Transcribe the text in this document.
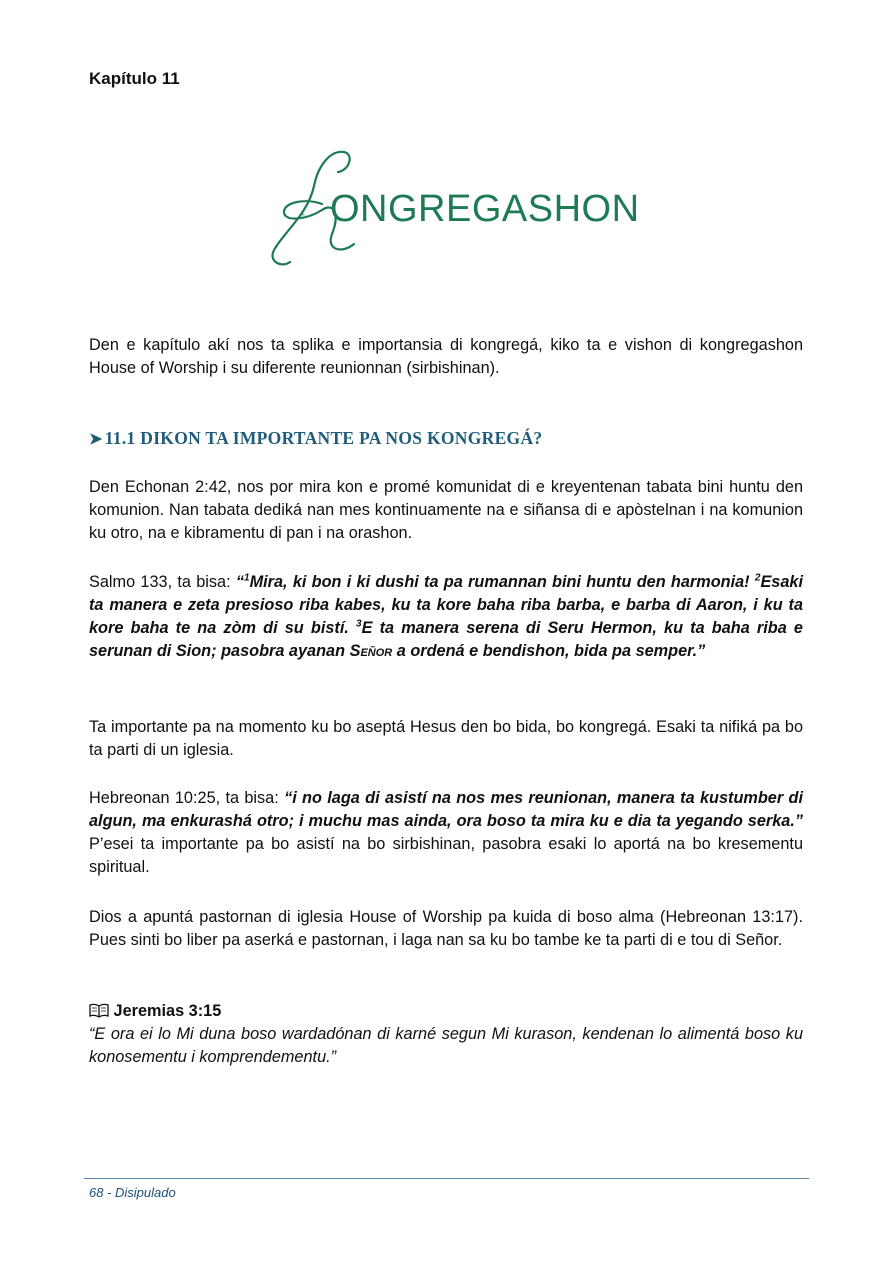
Kapítulo 11
K ONGREGASHON
Den e kapítulo akí nos ta splika e importansia di kongregá, kiko ta e vishon di kongregashon House of Worship i su diferente reunionnan (sirbishinan).
➤ 11.1 DIKON TA IMPORTANTE PA NOS KONGREGÁ?
Den Echonan 2:42, nos por mira kon e promé komunidat di e kreyentenan tabata bini huntu den komunion. Nan tabata dediká nan mes kontinuamente na e siñansa di e apòstelnan i na komunion ku otro, na e kibramentu di pan i na orashon.
Salmo 133, ta bisa: “$^1$Mira, ki bon i ki dushi ta pa rumannan bini huntu den harmonia! $^2$Esaki ta manera e zeta presioso riba kabes, ku ta kore baha riba barba, e barba di Aaron, i ku ta kore baha te na zòm di su bistí. $^3$E ta manera serena di Seru Hermon, ku ta baha riba e serunan di Sion; pasobra ayanan Señor a ordená e bendishon, bida pa semper.”
Ta importante pa na momento ku bo aseptá Hesus den bo bida, bo kongregá. Esaki ta nifiká pa bo ta parti di un iglesia.
Hebreonan 10:25, ta bisa: “i no laga di asistí na nos mes reunionan, manera ta kustumber di algun, ma enkurashá otro; i muchu mas ainda, ora boso ta mira ku e dia ta yegando serka.” P’esei ta importante pa bo asistí na bo sirbishinan, pasobra esaki lo aportá na bo kresementu spiritual.
Dios a apuntá pastornan di iglesia House of Worship pa kuida di boso alma (Hebreonan 13:17). Pues sinti bo liber pa aserká e pastornan, i laga nan sa ku bo tambe ke ta parti di e tou di Señor.
Jeremias 3:15
“E ora ei lo Mi duna boso wardadónan di karné segun Mi kurason, kendenan lo alimentá boso ku konosementu i komprendementu.”
68 - Disipulado
